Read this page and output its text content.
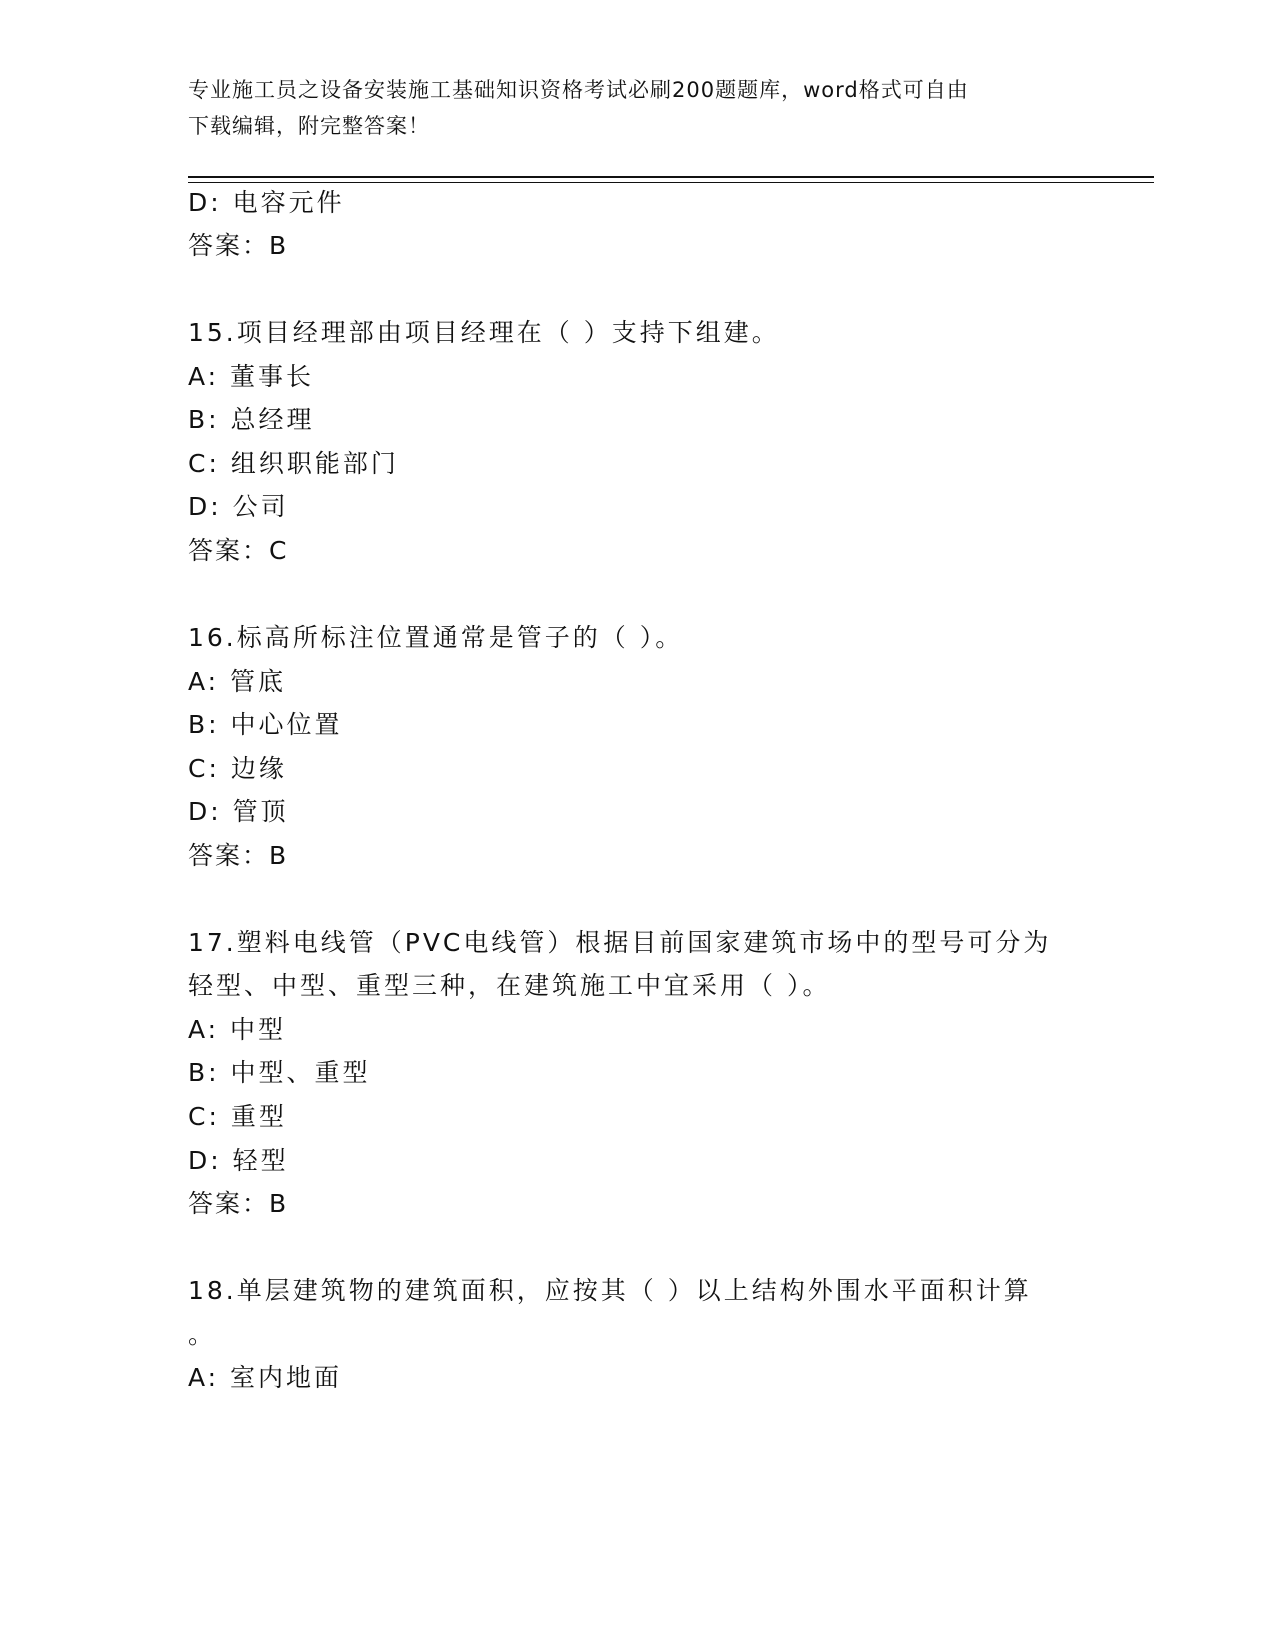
专业施工员之设备安装施工基础知识资格考试必刷200题题库，word格式可自由
下载编辑，附完整答案！
D: 电容元件
答案：B
15.项目经理部由项目经理在（ ）支持下组建。
A: 董事长
B: 总经理
C: 组织职能部门
D: 公司
答案：C
16.标高所标注位置通常是管子的（ ）。
A: 管底
B: 中心位置
C: 边缘
D: 管顶
答案：B
17.塑料电线管（PVC电线管）根据目前国家建筑市场中的型号可分为
轻型、中型、重型三种，在建筑施工中宜采用（ ）。
A: 中型
B: 中型、重型
C: 重型
D: 轻型
答案：B
18.单层建筑物的建筑面积，应按其（ ）以上结构外围水平面积计算
。
A: 室内地面
